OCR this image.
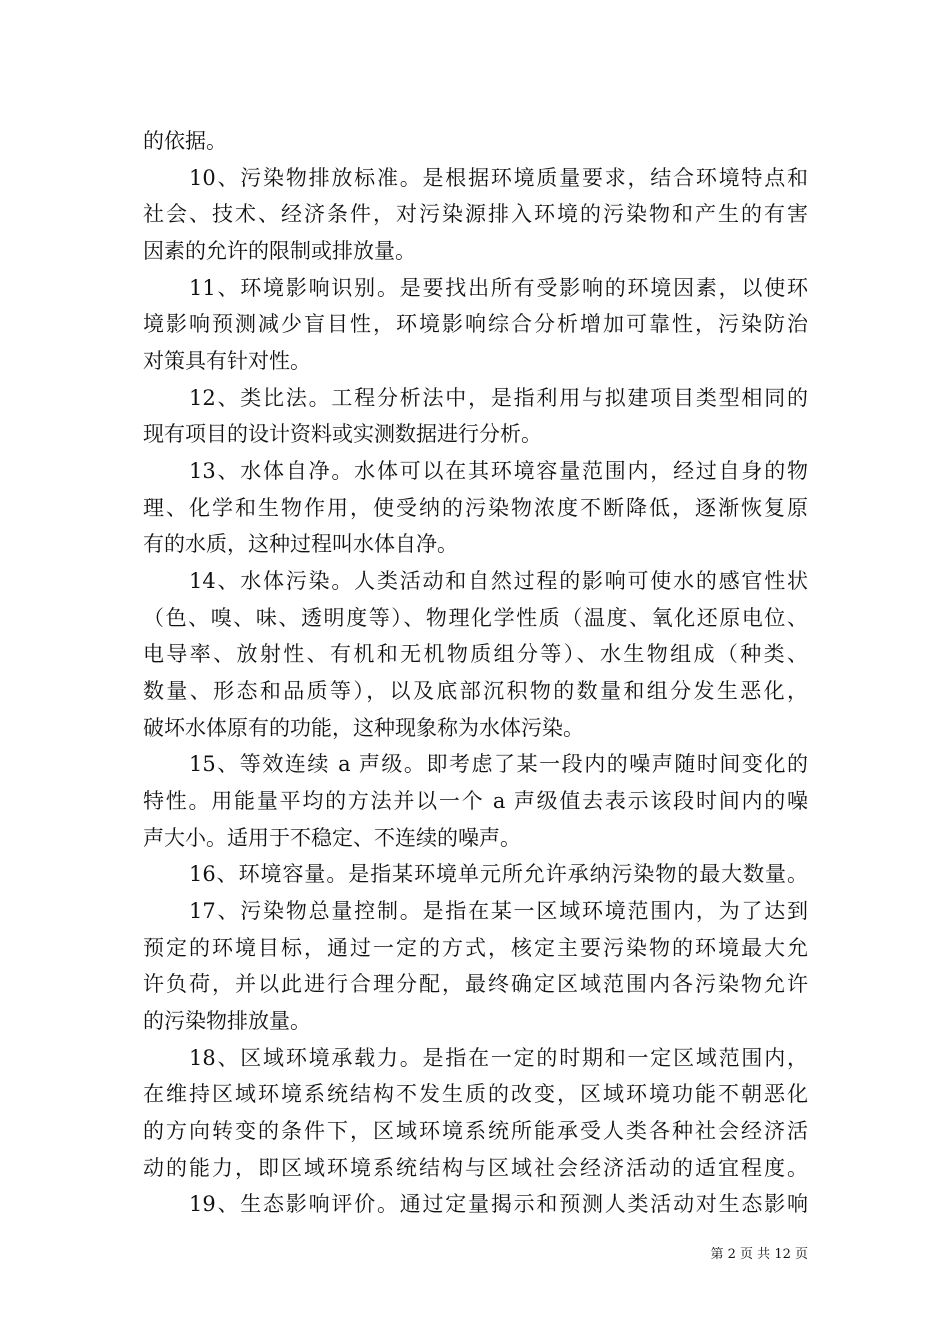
的依据。
10、污染物排放标准。是根据环境质量要求，结合环境特点和
社会、技术、经济条件，对污染源排入环境的污染物和产生的有害
因素的允许的限制或排放量。
11、环境影响识别。是要找出所有受影响的环境因素，以使环
境影响预测减少盲目性，环境影响综合分析增加可靠性，污染防治
对策具有针对性。
12、类比法。工程分析法中，是指利用与拟建项目类型相同的
现有项目的设计资料或实测数据进行分析。
13、水体自净。水体可以在其环境容量范围内，经过自身的物
理、化学和生物作用，使受纳的污染物浓度不断降低，逐渐恢复原
有的水质，这种过程叫水体自净。
14、水体污染。人类活动和自然过程的影响可使水的感官性状
（色、嗅、味、透明度等）、物理化学性质（温度、氧化还原电位、
电导率、放射性、有机和无机物质组分等）、水生物组成（种类、
数量、形态和品质等），以及底部沉积物的数量和组分发生恶化，
破坏水体原有的功能，这种现象称为水体污染。
15、等效连续 a 声级。即考虑了某一段内的噪声随时间变化的
特性。用能量平均的方法并以一个 a 声级值去表示该段时间内的噪
声大小。适用于不稳定、不连续的噪声。
16、环境容量。是指某环境单元所允许承纳污染物的最大数量。
17、污染物总量控制。是指在某一区域环境范围内，为了达到
预定的环境目标，通过一定的方式，核定主要污染物的环境最大允
许负荷，并以此进行合理分配，最终确定区域范围内各污染物允许
的污染物排放量。
18、区域环境承载力。是指在一定的时期和一定区域范围内，
在维持区域环境系统结构不发生质的改变，区域环境功能不朝恶化
的方向转变的条件下，区域环境系统所能承受人类各种社会经济活
动的能力，即区域环境系统结构与区域社会经济活动的适宜程度。
19、生态影响评价。通过定量揭示和预测人类活动对生态影响
第 2 页 共 12 页
